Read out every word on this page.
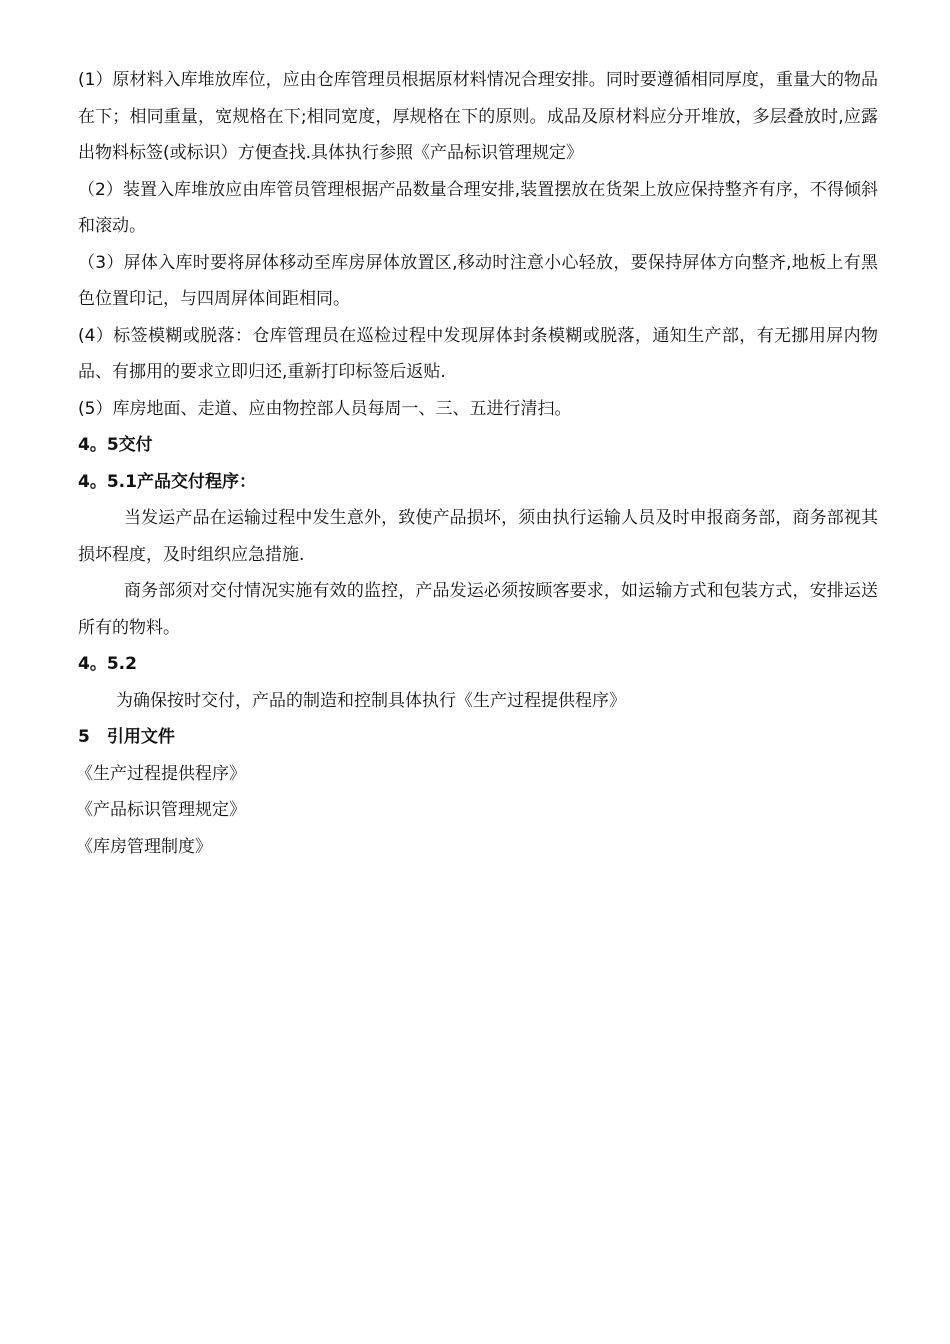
(1）原材料入库堆放库位，应由仓库管理员根据原材料情况合理安排。同时要遵循相同厚度，重量大的物品在下；相同重量，宽规格在下;相同宽度，厚规格在下的原则。成品及原材料应分开堆放，多层叠放时,应露出物料标签(或标识）方便查找.具体执行参照《产品标识管理规定》

（2）装置入库堆放应由库管员管理根据产品数量合理安排,装置摆放在货架上放应保持整齐有序，不得倾斜和滚动。

（3）屏体入库时要将屏体移动至库房屏体放置区,移动时注意小心轻放，要保持屏体方向整齐,地板上有黑色位置印记，与四周屏体间距相同。

(4）标签模糊或脱落：仓库管理员在巡检过程中发现屏体封条模糊或脱落，通知生产部，有无挪用屏内物品、有挪用的要求立即归还,重新打印标签后返贴.

(5）库房地面、走道、应由物控部人员每周一、三、五进行清扫。

4。5交付

4。5.1产品交付程序：

当发运产品在运输过程中发生意外，致使产品损坏，须由执行运输人员及时申报商务部，商务部视其损坏程度，及时组织应急措施.

商务部须对交付情况实施有效的监控，产品发运必须按顾客要求，如运输方式和包装方式，安排运送所有的物料。

4。5.2

为确保按时交付，产品的制造和控制具体执行《生产过程提供程序》

5　引用文件

《生产过程提供程序》

《产品标识管理规定》

《库房管理制度》
